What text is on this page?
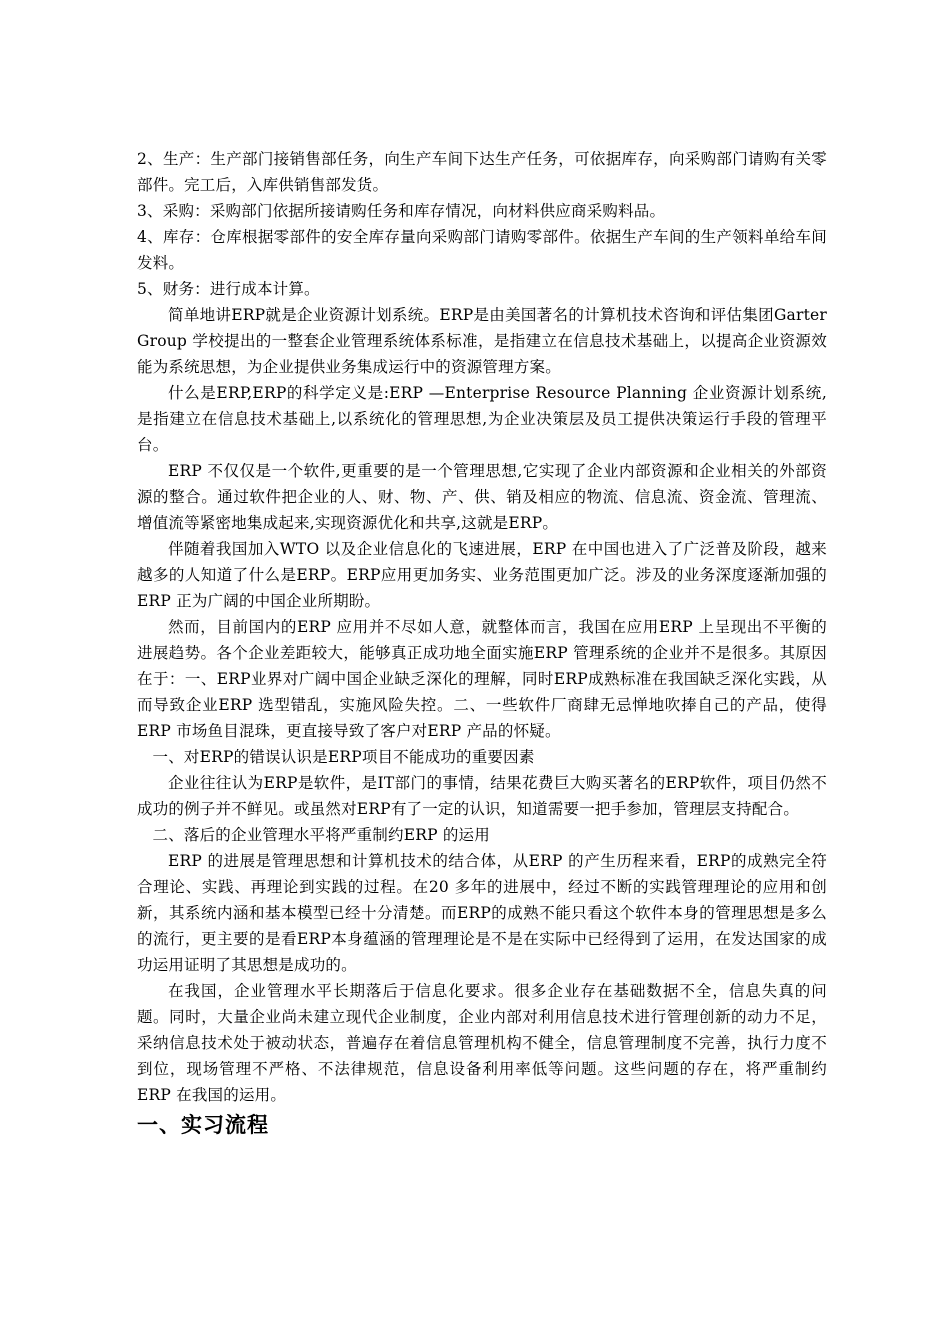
2、生产：生产部门接销售部任务，向生产车间下达生产任务，可依据库存，向采购部门请购有关零部件。完工后，入库供销售部发货。

3、采购：采购部门依据所接请购任务和库存情况，向材料供应商采购料品。

4、库存：仓库根据零部件的安全库存量向采购部门请购零部件。依据生产车间的生产领料单给车间发料。

5、财务：进行成本计算。

简单地讲ERP就是企业资源计划系统。ERP是由美国著名的计算机技术咨询和评估集团Garter Group 学校提出的一整套企业管理系统体系标准，是指建立在信息技术基础上，以提高企业资源效能为系统思想，为企业提供业务集成运行中的资源管理方案。

什么是ERP,ERP的科学定义是:ERP —Enterprise Resource Planning 企业资源计划系统,是指建立在信息技术基础上,以系统化的管理思想,为企业决策层及员工提供决策运行手段的管理平台。

ERP 不仅仅是一个软件,更重要的是一个管理思想,它实现了企业内部资源和企业相关的外部资源的整合。通过软件把企业的人、财、物、产、供、销及相应的物流、信息流、资金流、管理流、增值流等紧密地集成起来,实现资源优化和共享,这就是ERP。

伴随着我国加入WTO 以及企业信息化的飞速进展，ERP 在中国也进入了广泛普及阶段，越来越多的人知道了什么是ERP。ERP应用更加务实、业务范围更加广泛。涉及的业务深度逐渐加强的ERP 正为广阔的中国企业所期盼。

然而，目前国内的ERP 应用并不尽如人意，就整体而言，我国在应用ERP 上呈现出不平衡的进展趋势。各个企业差距较大，能够真正成功地全面实施ERP 管理系统的企业并不是很多。其原因在于：一、ERP业界对广阔中国企业缺乏深化的理解，同时ERP成熟标准在我国缺乏深化实践，从而导致企业ERP 选型错乱，实施风险失控。二、一些软件厂商肆无忌惮地吹捧自己的产品，使得ERP 市场鱼目混珠，更直接导致了客户对ERP 产品的怀疑。

一、对ERP的错误认识是ERP项目不能成功的重要因素

企业往往认为ERP是软件，是IT部门的事情，结果花费巨大购买著名的ERP软件，项目仍然不成功的例子并不鲜见。或虽然对ERP有了一定的认识，知道需要一把手参加，管理层支持配合。

二、落后的企业管理水平将严重制约ERP 的运用

ERP 的进展是管理思想和计算机技术的结合体，从ERP 的产生历程来看，ERP的成熟完全符合理论、实践、再理论到实践的过程。在20 多年的进展中，经过不断的实践管理理论的应用和创新，其系统内涵和基本模型已经十分清楚。而ERP的成熟不能只看这个软件本身的管理思想是多么的流行，更主要的是看ERP本身蕴涵的管理理论是不是在实际中已经得到了运用，在发达国家的成功运用证明了其思想是成功的。

在我国，企业管理水平长期落后于信息化要求。很多企业存在基础数据不全，信息失真的问题。同时，大量企业尚未建立现代企业制度，企业内部对利用信息技术进行管理创新的动力不足，采纳信息技术处于被动状态，普遍存在着信息管理机构不健全，信息管理制度不完善，执行力度不到位，现场管理不严格、不法律规范，信息设备利用率低等问题。这些问题的存在，将严重制约ERP 在我国的运用。

一、实习流程
